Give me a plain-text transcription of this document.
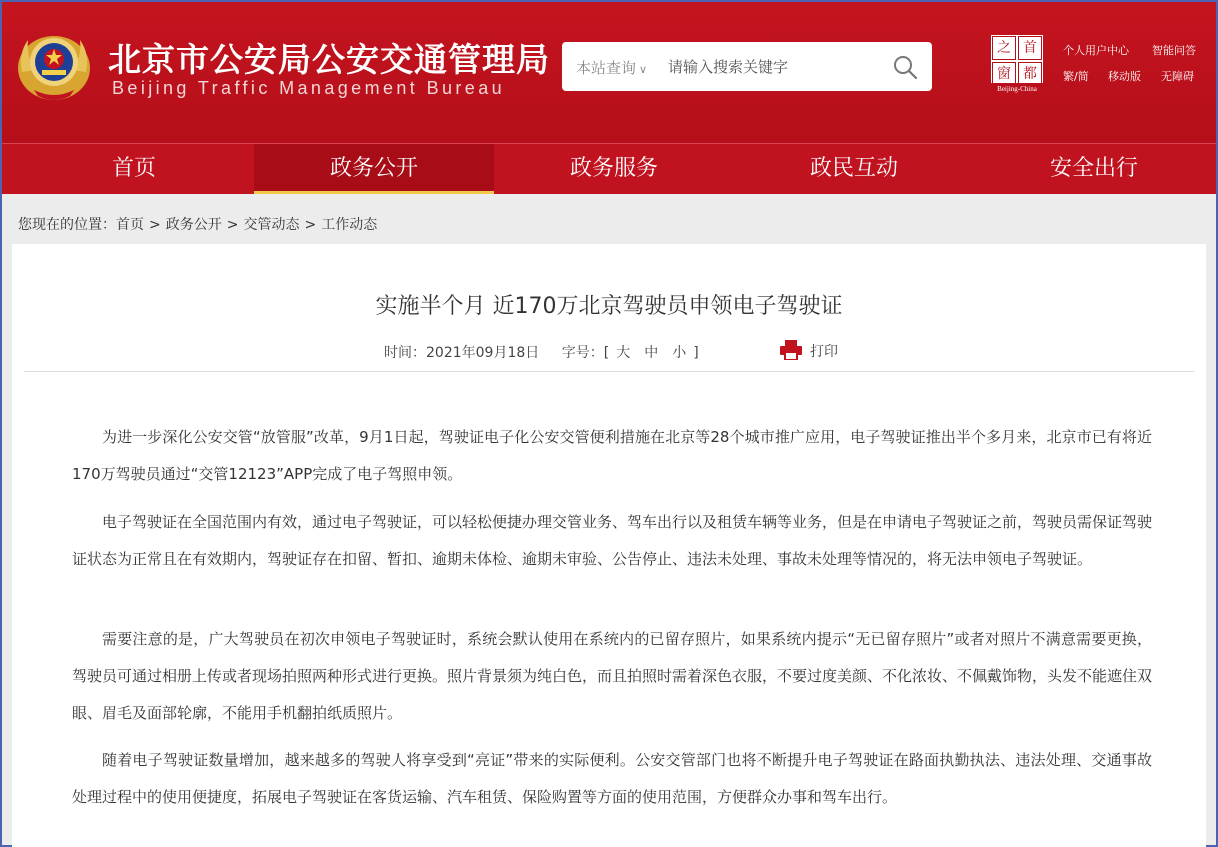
北京市公安局公安交通管理局
Beijing Traffic Management Bureau
本站查询 ∨
请输入搜索关键字
之 首
窗 都
Beijing-China
个人用户中心 智能问答
繁/简 移动版 无障碍
首页	政务公开	政务服务	政民互动	安全出行
您现在的位置：首页 > 政务公开 > 交管动态 > 工作动态
实施半个月 近170万北京驾驶员申领电子驾驶证
时间：2021年09月18日 字号：[ 大 中 小 ]	打印

为进一步深化公安交管“放管服”改革，9月1日起，驾驶证电子化公安交管便利措施在北京等28个城市推广应用，电子驾驶证推出半个多月来，北京市已有将近170万驾驶员通过“交管12123”APP完成了电子驾照申领。

电子驾驶证在全国范围内有效，通过电子驾驶证，可以轻松便捷办理交管业务、驾车出行以及租赁车辆等业务，但是在申请电子驾驶证之前，驾驶员需保证驾驶证状态为正常且在有效期内，驾驶证存在扣留、暂扣、逾期未体检、逾期未审验、公告停止、违法未处理、事故未处理等情况的，将无法申领电子驾驶证。

需要注意的是，广大驾驶员在初次申领电子驾驶证时，系统会默认使用在系统内的已留存照片，如果系统内提示“无已留存照片”或者对照片不满意需要更换，驾驶员可通过相册上传或者现场拍照两种形式进行更换。照片背景须为纯白色，而且拍照时需着深色衣服，不要过度美颜、不化浓妆、不佩戴饰物，头发不能遮住双眼、眉毛及面部轮廓，不能用手机翻拍纸质照片。

随着电子驾驶证数量增加，越来越多的驾驶人将享受到“亮证”带来的实际便利。公安交管部门也将不断提升电子驾驶证在路面执勤执法、违法处理、交通事故处理过程中的使用便捷度，拓展电子驾驶证在客货运输、汽车租赁、保险购置等方面的使用范围，方便群众办事和驾车出行。
